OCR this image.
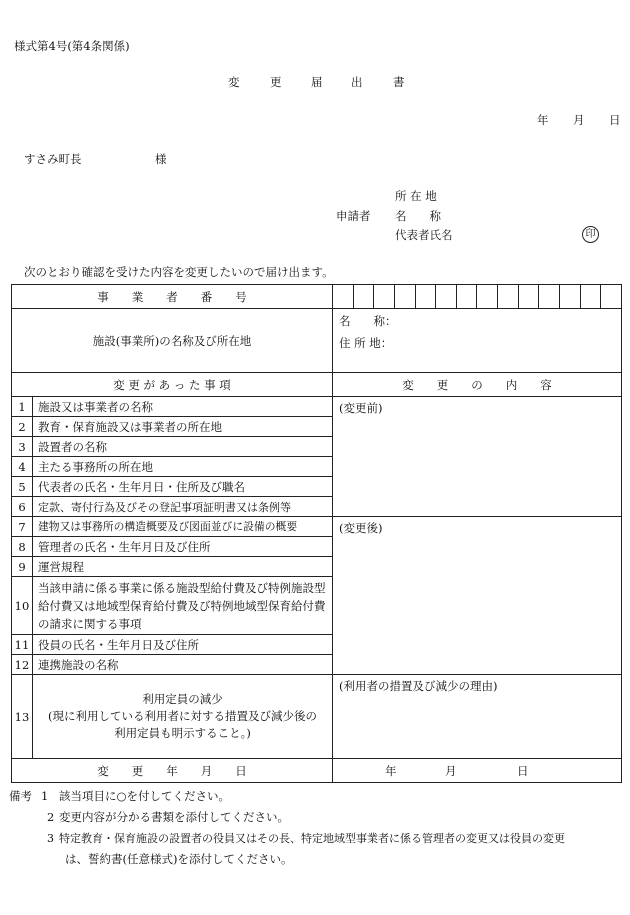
様式第4号(第4条関係)
変	更 届 出	書
年 月 日
すさみ町長	様
所 在 地
申請者 名　　称
代表者氏名	印
次のとおり確認を受けた内容を変更したいので届け出ます。
事　　業　　者　　番　　号		

施設(事業所)の名称及び所在地		名　　称：
住 所 地：

変 更 が あ っ た 事 項		変　　更　　の　　内　　容
1	施設又は事業者の名称	(変更前)
2	教育・保育施設又は事業者の所在地	
3	設置者の名称	
4	主たる事務所の所在地	
5	代表者の氏名・生年月日・住所及び職名	
6	定款、寄付行為及びその登記事項証明書又は条例等	
7	建物又は事務所の構造概要及び図面並びに設備の概要	(変更後)
8	管理者の氏名・生年月日及び住所	
9	運営規程	
10	当該申請に係る事業に係る施設型給付費及び特例施設型給付費又は地域型保育給付費及び特例地域型保育給付費の請求に関する事項	
11	役員の氏名・生年月日及び住所	
12	連携施設の名称	
13	利用定員の減少
(現に利用している利用者に対する措置及び減少後の
利用定員も明示すること。)	(利用者の措置及び減少の理由)
変　　更　　年　　月　　日		年 月 日
備考 1 該当項目に○を付してください。
2 変更内容が分かる書類を添付してください。
3 特定教育・保育施設の設置者の役員又はその長、特定地域型事業者に係る管理者の変更又は役員の変更
は、誓約書(任意様式)を添付してください。
